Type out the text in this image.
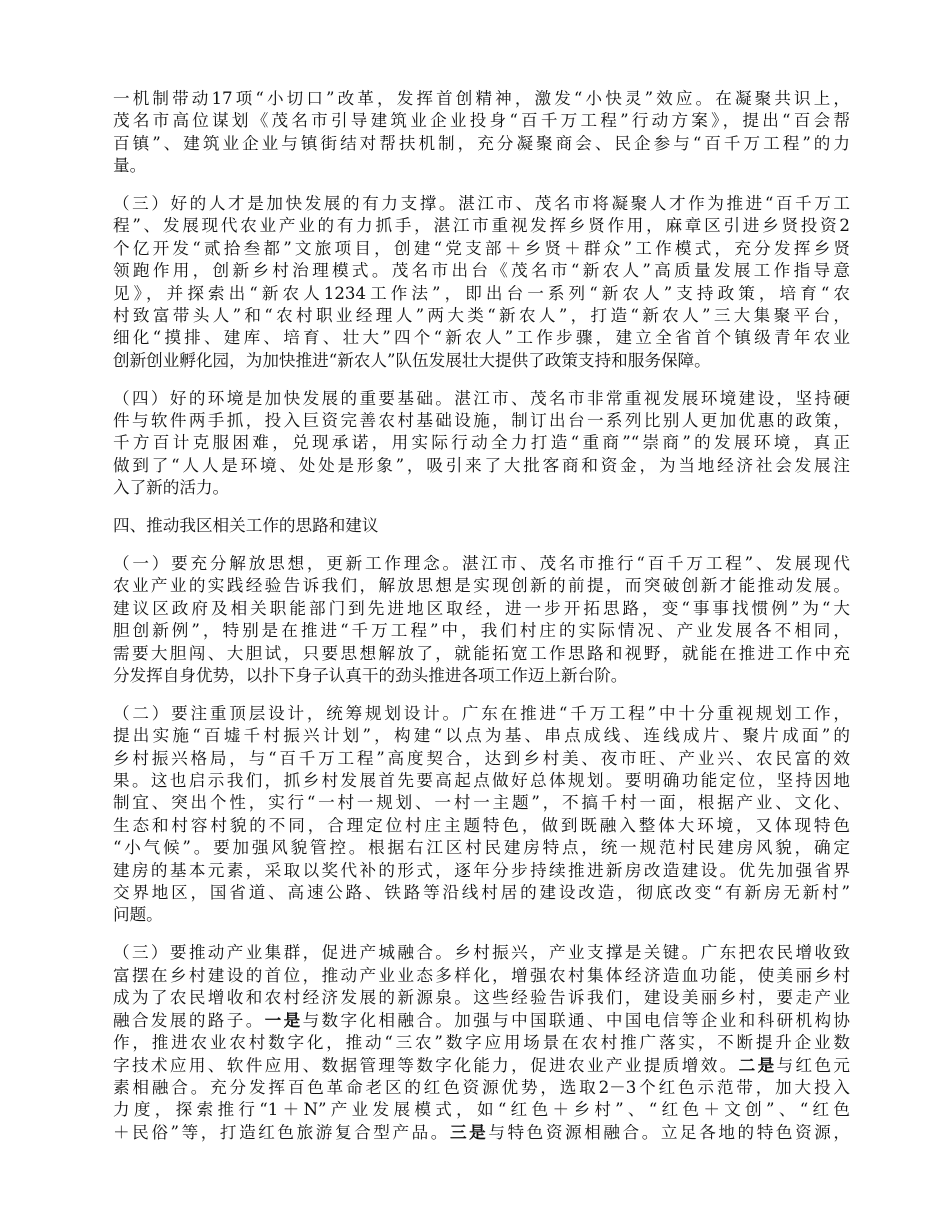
一机制带动17项“小切口”改革，发挥首创精神，激发“小快灵”效应。在凝聚共识上，
茂名市高位谋划《茂名市引导建筑业企业投身“百千万工程”行动方案》，提出“百会帮
百镇”、建筑业企业与镇街结对帮扶机制，充分凝聚商会、民企参与“百千万工程”的力
量。
（三）好的人才是加快发展的有力支撑。湛江市、茂名市将凝聚人才作为推进“百千万工
程”、发展现代农业产业的有力抓手，湛江市重视发挥乡贤作用，麻章区引进乡贤投资2
个亿开发“贰拾叁都”文旅项目，创建“党支部＋乡贤＋群众”工作模式，充分发挥乡贤
领跑作用，创新乡村治理模式。茂名市出台《茂名市“新农人”高质量发展工作指导意
见》，并探索出“新农人1234工作法”，即出台一系列“新农人”支持政策，培育“农
村致富带头人”和“农村职业经理人”两大类“新农人”，打造“新农人”三大集聚平台，
细化“摸排、建库、培育、壮大”四个“新农人”工作步骤，建立全省首个镇级青年农业
创新创业孵化园，为加快推进“新农人”队伍发展壮大提供了政策支持和服务保障。
（四）好的环境是加快发展的重要基础。湛江市、茂名市非常重视发展环境建设，坚持硬
件与软件两手抓，投入巨资完善农村基础设施，制订出台一系列比别人更加优惠的政策，
千方百计克服困难，兑现承诺，用实际行动全力打造“重商”“崇商”的发展环境，真正
做到了“人人是环境、处处是形象”，吸引来了大批客商和资金，为当地经济社会发展注
入了新的活力。
四、推动我区相关工作的思路和建议
（一）要充分解放思想，更新工作理念。湛江市、茂名市推行“百千万工程”、发展现代
农业产业的实践经验告诉我们，解放思想是实现创新的前提，而突破创新才能推动发展。
建议区政府及相关职能部门到先进地区取经，进一步开拓思路，变“事事找惯例”为“大
胆创新例”，特别是在推进“千万工程”中，我们村庄的实际情况、产业发展各不相同，
需要大胆闯、大胆试，只要思想解放了，就能拓宽工作思路和视野，就能在推进工作中充
分发挥自身优势，以扑下身子认真干的劲头推进各项工作迈上新台阶。
（二）要注重顶层设计，统筹规划设计。广东在推进“千万工程”中十分重视规划工作，
提出实施“百墟千村振兴计划”，构建“以点为基、串点成线、连线成片、聚片成面”的
乡村振兴格局，与“百千万工程”高度契合，达到乡村美、夜市旺、产业兴、农民富的效
果。这也启示我们，抓乡村发展首先要高起点做好总体规划。要明确功能定位，坚持因地
制宜、突出个性，实行“一村一规划、一村一主题”，不搞千村一面，根据产业、文化、
生态和村容村貌的不同，合理定位村庄主题特色，做到既融入整体大环境，又体现特色
“小气候”。要加强风貌管控。根据右江区村民建房特点，统一规范村民建房风貌，确定
建房的基本元素，采取以奖代补的形式，逐年分步持续推进新房改造建设。优先加强省界
交界地区，国省道、高速公路、铁路等沿线村居的建设改造，彻底改变“有新房无新村”
问题。
（三）要推动产业集群，促进产城融合。乡村振兴，产业支撑是关键。广东把农民增收致
富摆在乡村建设的首位，推动产业业态多样化，增强农村集体经济造血功能，使美丽乡村
成为了农民增收和农村经济发展的新源泉。这些经验告诉我们，建设美丽乡村，要走产业
融合发展的路子。一是与数字化相融合。加强与中国联通、中国电信等企业和科研机构协
作，推进农业农村数字化，推动“三农”数字应用场景在农村推广落实，不断提升企业数
字技术应用、软件应用、数据管理等数字化能力，促进农业产业提质增效。二是与红色元
素相融合。充分发挥百色革命老区的红色资源优势，选取2－3个红色示范带，加大投入
力度，探索推行“1＋N”产业发展模式，如“红色＋乡村”、“红色＋文创”、“红色
＋民俗”等，打造红色旅游复合型产品。三是与特色资源相融合。立足各地的特色资源，
